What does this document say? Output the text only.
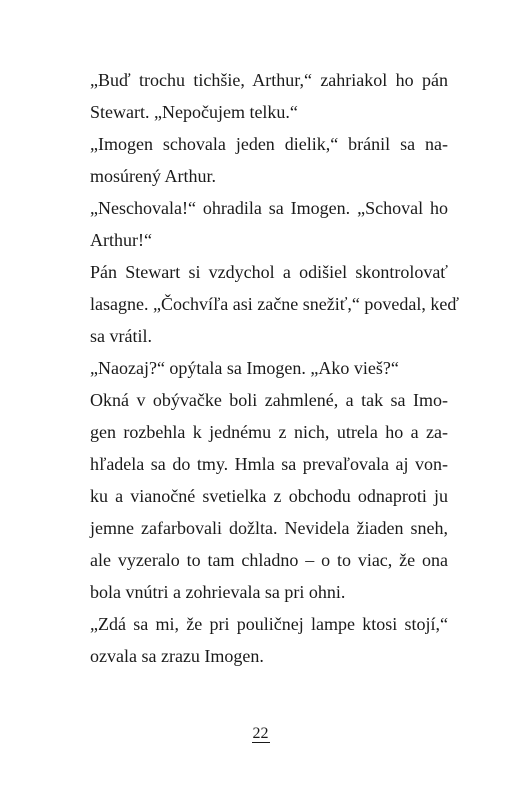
„Buď trochu tichšie, Arthur,“ zahriakol ho pán
Stewart. „Nepočujem telku.“
„Imogen schovala jeden dielik,“ bránil sa na-
mosúrený Arthur.
„Neschovala!“ ohradila sa Imogen. „Schoval ho
Arthur!“
Pán Stewart si vzdychol a odišiel skontrolovať
lasagne. „Čochvíľa asi začne snežiť,“ povedal, keď
sa vrátil.
„Naozaj?“ opýtala sa Imogen. „Ako vieš?“
Okná v obývačke boli zahmlené, a tak sa Imo-
gen rozbehla k jednému z nich, utrela ho a za-
hľadela sa do tmy. Hmla sa prevaľovala aj von-
ku a vianočné svetielka z obchodu odnaproti ju
jemne zafarbovali dožlta. Nevidela žiaden sneh,
ale vyzeralo to tam chladno – o to viac, že ona
bola vnútri a zohrievala sa pri ohni.
„Zdá sa mi, že pri pouličnej lampe ktosi stojí,“
ozvala sa zrazu Imogen.
22
